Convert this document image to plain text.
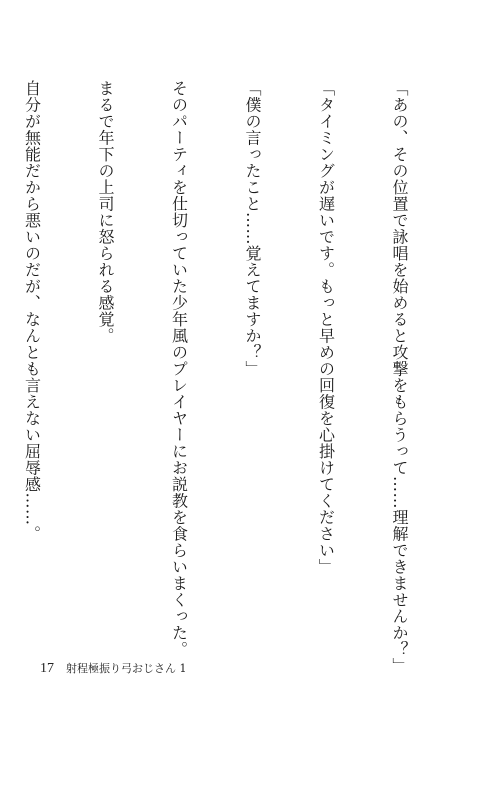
「あの、その位置で詠唱を始めると攻撃をもらうって……理解できませんか？」

「タイミングが遅いです。もっと早めの回復を心掛けてください」

「僕の言ったこと……覚えてますか？」

そのパーティを仕切っていた少年風のプレイヤーにお説教を食らいまくった。

まるで年下の上司に怒られる感覚。

自分が無能だから悪いのだが、なんとも言えない屈辱感……。

17 射程極振り弓おじさん 1
